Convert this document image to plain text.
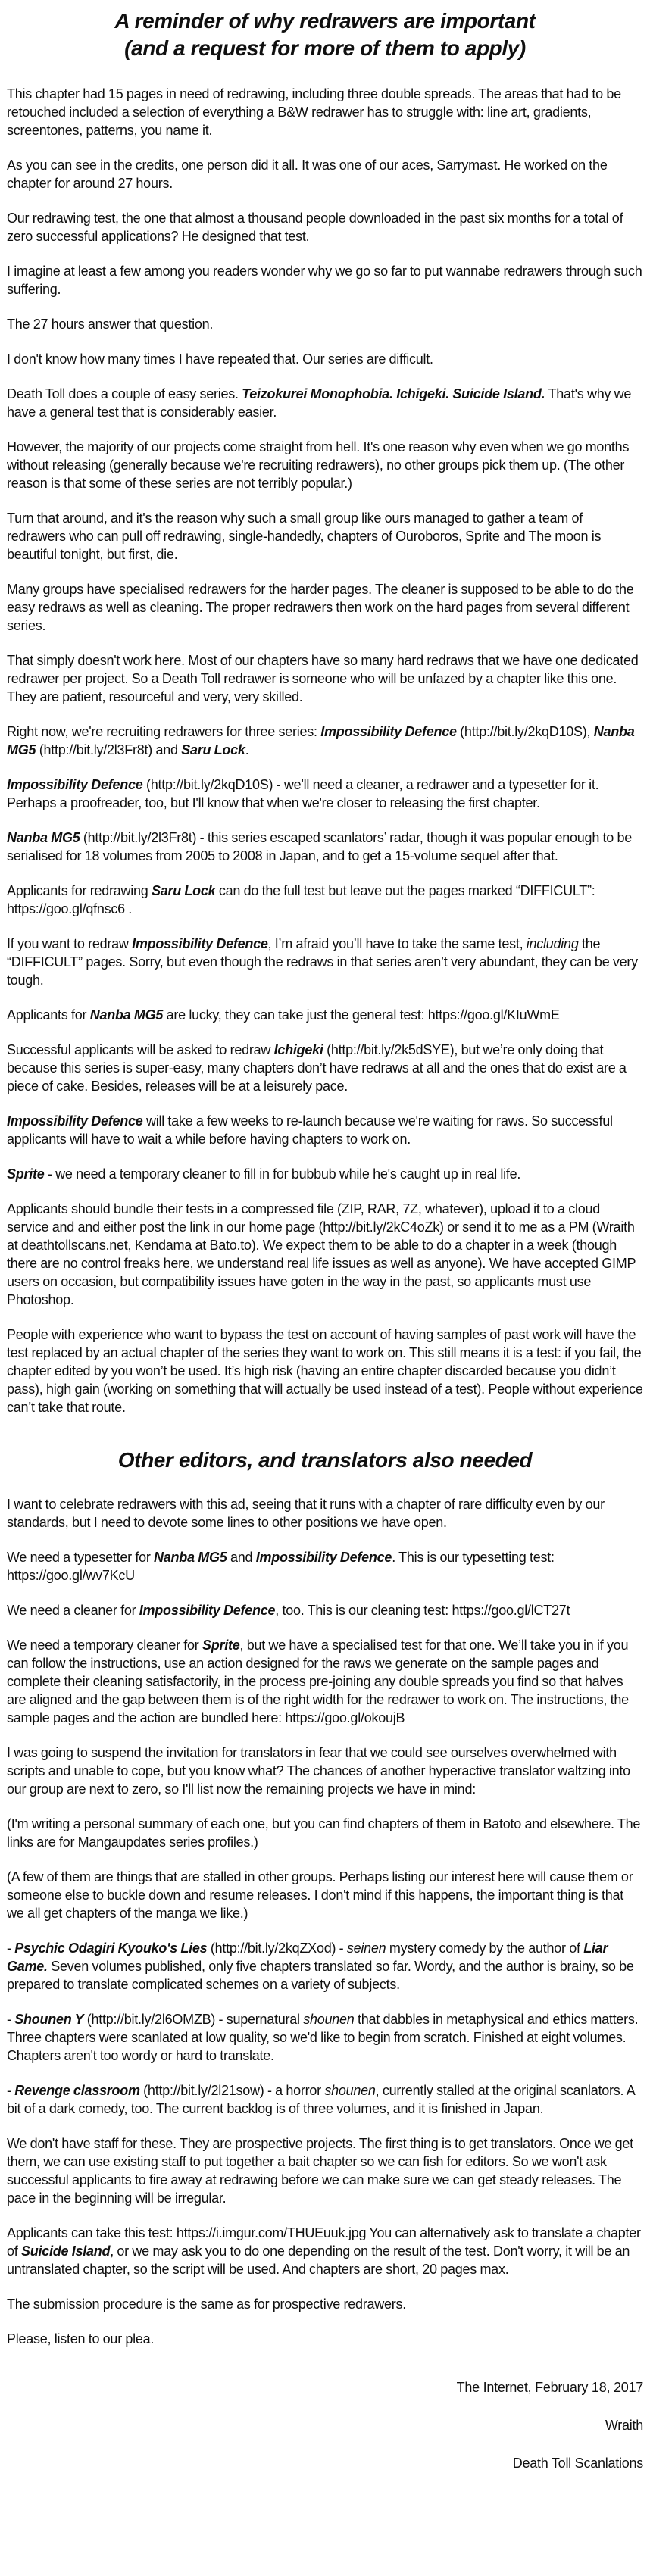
A reminder of why redrawers are important
(and a request for more of them to apply)

This chapter had 15 pages in need of redrawing, including three double spreads. The areas that had to be retouched included a selection of everything a B&W redrawer has to struggle with: line art, gradients, screentones, patterns, you name it.

As you can see in the credits, one person did it all. It was one of our aces, Sarrymast. He worked on the chapter for around 27 hours.

Our redrawing test, the one that almost a thousand people downloaded in the past six months for a total of zero successful applications? He designed that test.

I imagine at least a few among you readers wonder why we go so far to put wannabe redrawers through such suffering.

The 27 hours answer that question.

I don't know how many times I have repeated that. Our series are difficult.

Death Toll does a couple of easy series. Teizokurei Monophobia. Ichigeki. Suicide Island. That's why we have a general test that is considerably easier.

However, the majority of our projects come straight from hell. It's one reason why even when we go months without releasing (generally because we're recruiting redrawers), no other groups pick them up. (The other reason is that some of these series are not terribly popular.)

Turn that around, and it's the reason why such a small group like ours managed to gather a team of redrawers who can pull off redrawing, single-handedly, chapters of Ouroboros, Sprite and The moon is beautiful tonight, but first, die.

Many groups have specialised redrawers for the harder pages. The cleaner is supposed to be able to do the easy redraws as well as cleaning. The proper redrawers then work on the hard pages from several different series.

That simply doesn't work here. Most of our chapters have so many hard redraws that we have one dedicated redrawer per project. So a Death Toll redrawer is someone who will be unfazed by a chapter like this one. They are patient, resourceful and very, very skilled.

Right now, we're recruiting redrawers for three series: Impossibility Defence (http://bit.ly/2kqD10S), Nanba MG5 (http://bit.ly/2l3Fr8t) and Saru Lock.

Impossibility Defence (http://bit.ly/2kqD10S) - we'll need a cleaner, a redrawer and a typesetter for it. Perhaps a proofreader, too, but I'll know that when we're closer to releasing the first chapter.

Nanba MG5 (http://bit.ly/2l3Fr8t) - this series escaped scanlators’ radar, though it was popular enough to be serialised for 18 volumes from 2005 to 2008 in Japan, and to get a 15-volume sequel after that.

Applicants for redrawing Saru Lock can do the full test but leave out the pages marked “DIFFICULT”: https://goo.gl/qfnsc6 .

If you want to redraw Impossibility Defence, I’m afraid you’ll have to take the same test, including the “DIFFICULT” pages. Sorry, but even though the redraws in that series aren’t very abundant, they can be very tough.

Applicants for Nanba MG5 are lucky, they can take just the general test: https://goo.gl/KIuWmE

Successful applicants will be asked to redraw Ichigeki (http://bit.ly/2k5dSYE), but we’re only doing that because this series is super-easy, many chapters don’t have redraws at all and the ones that do exist are a piece of cake. Besides, releases will be at a leisurely pace.

Impossibility Defence will take a few weeks to re-launch because we're waiting for raws. So successful applicants will have to wait a while before having chapters to work on.

Sprite - we need a temporary cleaner to fill in for bubbub while he's caught up in real life.

Applicants should bundle their tests in a compressed file (ZIP, RAR, 7Z, whatever), upload it to a cloud service and and either post the link in our home page (http://bit.ly/2kC4oZk) or send it to me as a PM (Wraith at deathtollscans.net, Kendama at Bato.to). We expect them to be able to do a chapter in a week (though there are no control freaks here, we understand real life issues as well as anyone). We have accepted GIMP users on occasion, but compatibility issues have goten in the way in the past, so applicants must use Photoshop.

People with experience who want to bypass the test on account of having samples of past work will have the test replaced by an actual chapter of the series they want to work on. This still means it is a test: if you fail, the chapter edited by you won’t be used. It’s high risk (having an entire chapter discarded because you didn’t pass), high gain (working on something that will actually be used instead of a test). People without experience can’t take that route.

Other editors, and translators also needed

I want to celebrate redrawers with this ad, seeing that it runs with a chapter of rare difficulty even by our standards, but I need to devote some lines to other positions we have open.

We need a typesetter for Nanba MG5 and Impossibility Defence. This is our typesetting test: https://goo.gl/wv7KcU

We need a cleaner for Impossibility Defence, too. This is our cleaning test: https://goo.gl/lCT27t

We need a temporary cleaner for Sprite, but we have a specialised test for that one. We’ll take you in if you can follow the instructions, use an action designed for the raws we generate on the sample pages and complete their cleaning satisfactorily, in the process pre-joining any double spreads you find so that halves are aligned and the gap between them is of the right width for the redrawer to work on. The instructions, the sample pages and the action are bundled here: https://goo.gl/okoujB

I was going to suspend the invitation for translators in fear that we could see ourselves overwhelmed with scripts and unable to cope, but you know what? The chances of another hyperactive translator waltzing into our group are next to zero, so I'll list now the remaining projects we have in mind:

(I'm writing a personal summary of each one, but you can find chapters of them in Batoto and elsewhere. The links are for Mangaupdates series profiles.)

(A few of them are things that are stalled in other groups. Perhaps listing our interest here will cause them or someone else to buckle down and resume releases. I don't mind if this happens, the important thing is that we all get chapters of the manga we like.)

- Psychic Odagiri Kyouko's Lies (http://bit.ly/2kqZXod) - seinen mystery comedy by the author of Liar Game. Seven volumes published, only five chapters translated so far. Wordy, and the author is brainy, so be prepared to translate complicated schemes on a variety of subjects.

- Shounen Y (http://bit.ly/2l6OMZB) - supernatural shounen that dabbles in metaphysical and ethics matters. Three chapters were scanlated at low quality, so we'd like to begin from scratch. Finished at eight volumes. Chapters aren't too wordy or hard to translate.

- Revenge classroom (http://bit.ly/2l21sow) - a horror shounen, currently stalled at the original scanlators. A bit of a dark comedy, too. The current backlog is of three volumes, and it is finished in Japan.

We don't have staff for these. They are prospective projects. The first thing is to get translators. Once we get them, we can use existing staff to put together a bait chapter so we can fish for editors. So we won't ask successful applicants to fire away at redrawing before we can make sure we can get steady releases. The pace in the beginning will be irregular.

Applicants can take this test: https://i.imgur.com/THUEuuk.jpg You can alternatively ask to translate a chapter of Suicide Island, or we may ask you to do one depending on the result of the test. Don't worry, it will be an untranslated chapter, so the script will be used. And chapters are short, 20 pages max.

The submission procedure is the same as for prospective redrawers.

Please, listen to our plea.

The Internet, February 18, 2017

Wraith

Death Toll Scanlations
